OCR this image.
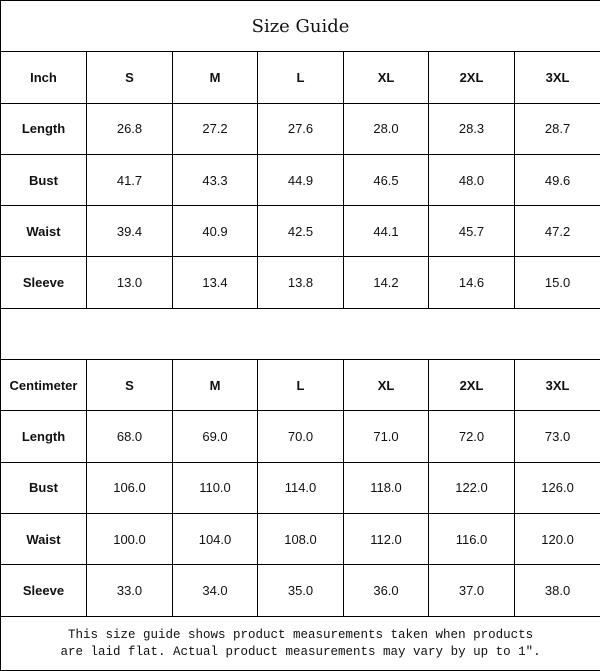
Size Guide						
Inch	S	M	L	XL	2XL	3XL
Length	26.8	27.2	27.6	28.0	28.3	28.7
Bust	41.7	43.3	44.9	46.5	48.0	49.6
Waist	39.4	40.9	42.5	44.1	45.7	47.2
Sleeve	13.0	13.4	13.8	14.2	14.6	15.0

Centimeter	S	M	L	XL	2XL	3XL
Length	68.0	69.0	70.0	71.0	72.0	73.0
Bust	106.0	110.0	114.0	118.0	122.0	126.0
Waist	100.0	104.0	108.0	112.0	116.0	120.0
Sleeve	33.0	34.0	35.0	36.0	37.0	38.0

This size guide shows product measurements taken when products
are laid flat. Actual product measurements may vary by up to 1".						
